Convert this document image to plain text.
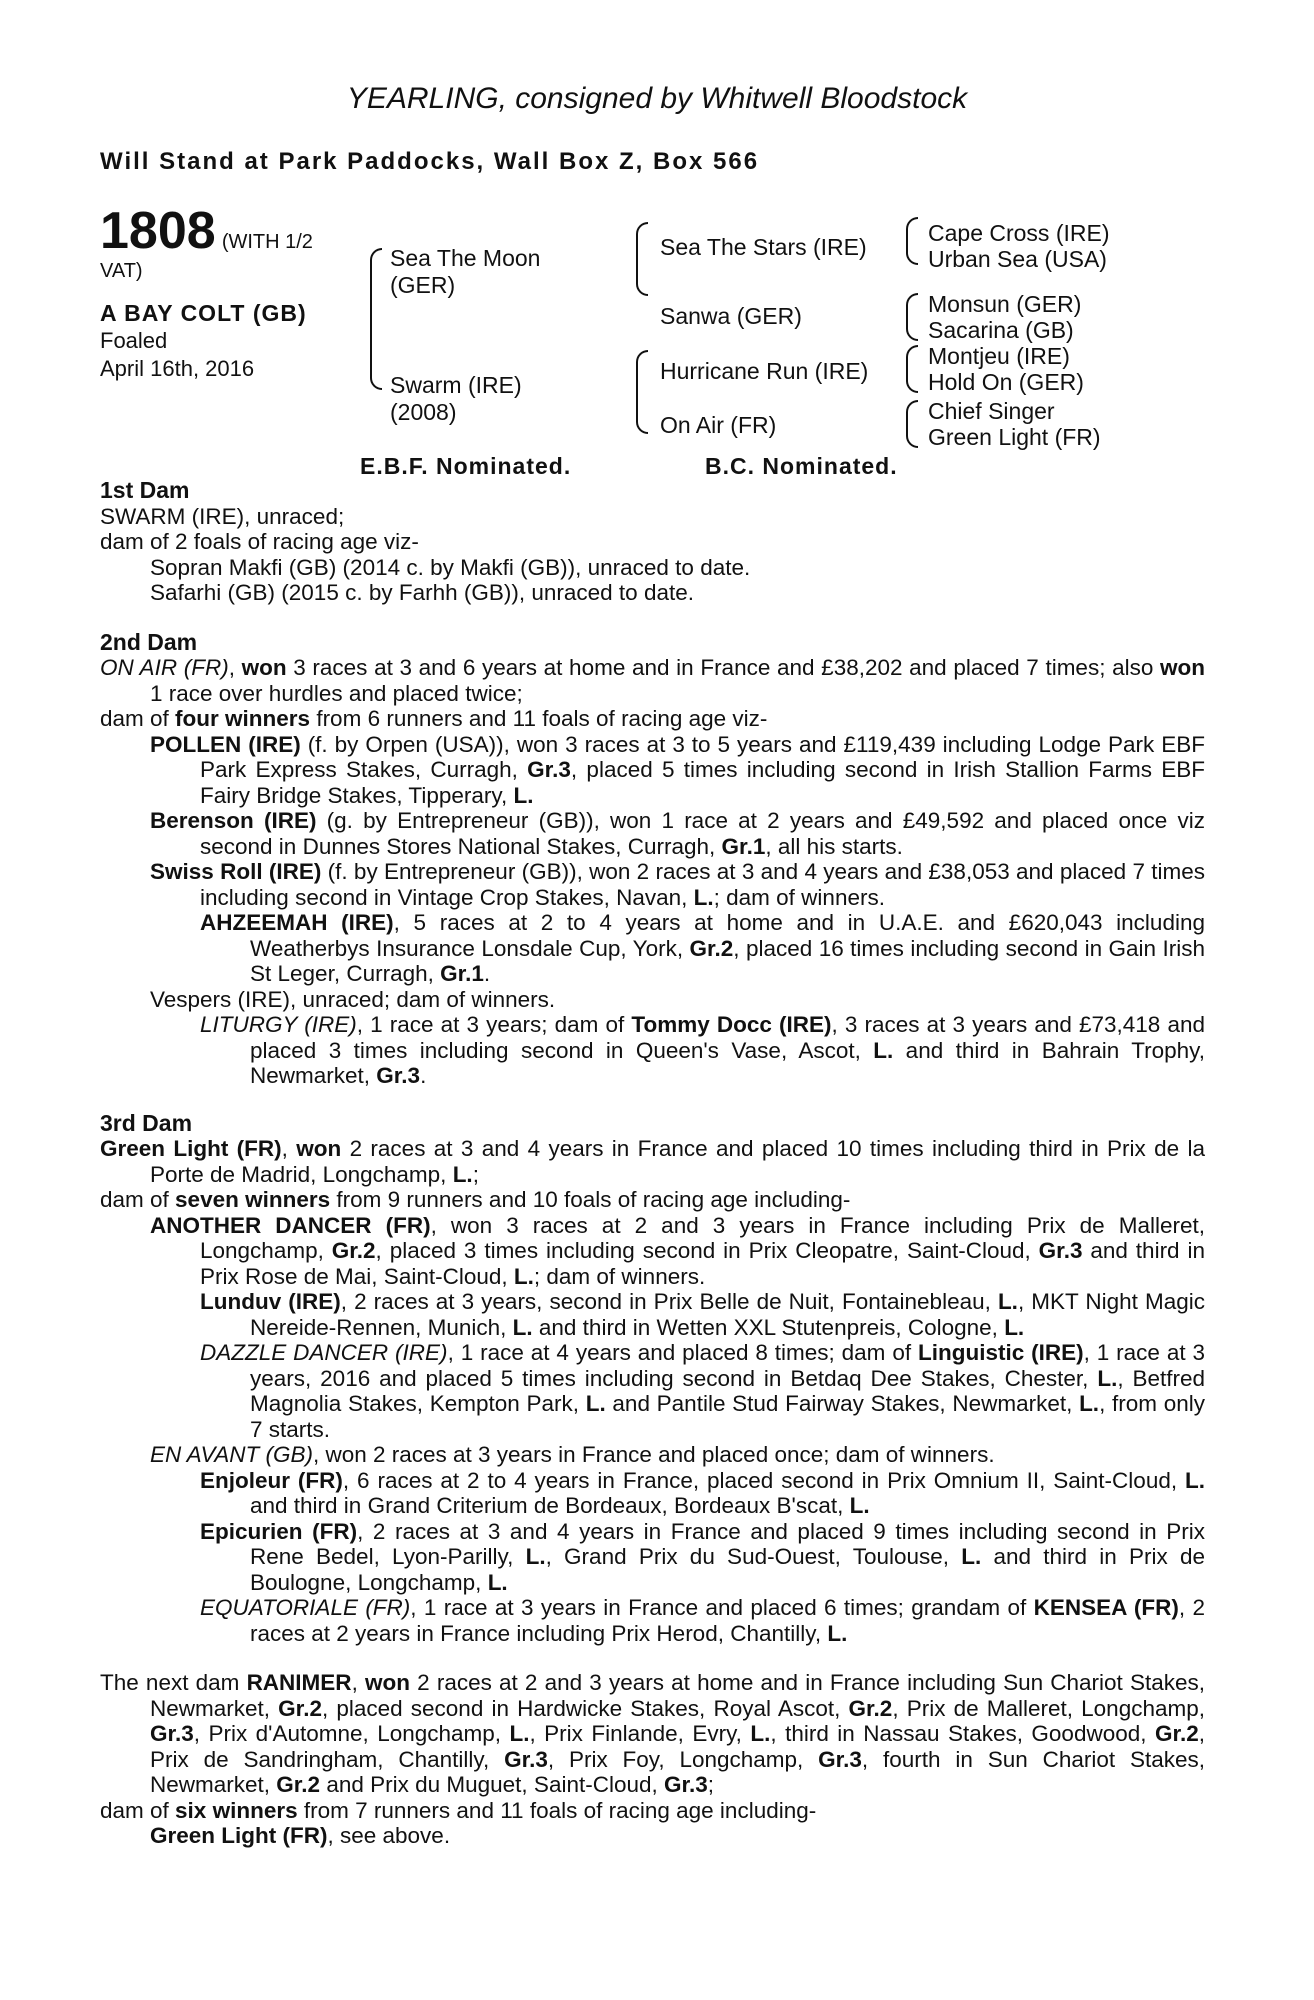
YEARLING, consigned by Whitwell Bloodstock
Will Stand at Park Paddocks, Wall Box Z, Box 566
1808 (WITH 1/2
VAT)
A BAY COLT (GB)
Foaled
April 16th, 2016
Sea The Moon
(GER)
Swarm (IRE)
(2008)
Sea The Stars (IRE)
Sanwa (GER)
Hurricane Run (IRE)
On Air (FR)
Cape Cross (IRE)
Urban Sea (USA)
Monsun (GER)
Sacarina (GB)
Montjeu (IRE)
Hold On (GER)
Chief Singer
Green Light (FR)
E.B.F. Nominated.	B.C. Nominated.
1st Dam
SWARM (IRE), unraced;
dam of 2 foals of racing age viz-
Sopran Makfi (GB) (2014 c. by Makfi (GB)), unraced to date.
Safarhi (GB) (2015 c. by Farhh (GB)), unraced to date.
2nd Dam
ON AIR (FR), won 3 races at 3 and 6 years at home and in France and £38,202 and placed 7 times; also won 1 race over hurdles and placed twice;
dam of four winners from 6 runners and 11 foals of racing age viz-
POLLEN (IRE) (f. by Orpen (USA)), won 3 races at 3 to 5 years and £119,439 including Lodge Park EBF Park Express Stakes, Curragh, Gr.3, placed 5 times including second in Irish Stallion Farms EBF Fairy Bridge Stakes, Tipperary, L.
Berenson (IRE) (g. by Entrepreneur (GB)), won 1 race at 2 years and £49,592 and placed once viz second in Dunnes Stores National Stakes, Curragh, Gr.1, all his starts.
Swiss Roll (IRE) (f. by Entrepreneur (GB)), won 2 races at 3 and 4 years and £38,053 and placed 7 times including second in Vintage Crop Stakes, Navan, L.; dam of winners.
AHZEEMAH (IRE), 5 races at 2 to 4 years at home and in U.A.E. and £620,043 including Weatherbys Insurance Lonsdale Cup, York, Gr.2, placed 16 times including second in Gain Irish St Leger, Curragh, Gr.1.
Vespers (IRE), unraced; dam of winners.
LITURGY (IRE), 1 race at 3 years; dam of Tommy Docc (IRE), 3 races at 3 years and £73,418 and placed 3 times including second in Queen's Vase, Ascot, L. and third in Bahrain Trophy, Newmarket, Gr.3.
3rd Dam
Green Light (FR), won 2 races at 3 and 4 years in France and placed 10 times including third in Prix de la Porte de Madrid, Longchamp, L.;
dam of seven winners from 9 runners and 10 foals of racing age including-
ANOTHER DANCER (FR), won 3 races at 2 and 3 years in France including Prix de Malleret, Longchamp, Gr.2, placed 3 times including second in Prix Cleopatre, Saint-Cloud, Gr.3 and third in Prix Rose de Mai, Saint-Cloud, L.; dam of winners.
Lunduv (IRE), 2 races at 3 years, second in Prix Belle de Nuit, Fontainebleau, L., MKT Night Magic Nereide-Rennen, Munich, L. and third in Wetten XXL Stutenpreis, Cologne, L.
DAZZLE DANCER (IRE), 1 race at 4 years and placed 8 times; dam of Linguistic (IRE), 1 race at 3 years, 2016 and placed 5 times including second in Betdaq Dee Stakes, Chester, L., Betfred Magnolia Stakes, Kempton Park, L. and Pantile Stud Fairway Stakes, Newmarket, L., from only 7 starts.
EN AVANT (GB), won 2 races at 3 years in France and placed once; dam of winners.
Enjoleur (FR), 6 races at 2 to 4 years in France, placed second in Prix Omnium II, Saint-Cloud, L. and third in Grand Criterium de Bordeaux, Bordeaux B'scat, L.
Epicurien (FR), 2 races at 3 and 4 years in France and placed 9 times including second in Prix Rene Bedel, Lyon-Parilly, L., Grand Prix du Sud-Ouest, Toulouse, L. and third in Prix de Boulogne, Longchamp, L.
EQUATORIALE (FR), 1 race at 3 years in France and placed 6 times; grandam of KENSEA (FR), 2 races at 2 years in France including Prix Herod, Chantilly, L.
The next dam RANIMER, won 2 races at 2 and 3 years at home and in France including Sun Chariot Stakes, Newmarket, Gr.2, placed second in Hardwicke Stakes, Royal Ascot, Gr.2, Prix de Malleret, Longchamp, Gr.3, Prix d'Automne, Longchamp, L., Prix Finlande, Evry, L., third in Nassau Stakes, Goodwood, Gr.2, Prix de Sandringham, Chantilly, Gr.3, Prix Foy, Longchamp, Gr.3, fourth in Sun Chariot Stakes, Newmarket, Gr.2 and Prix du Muguet, Saint-Cloud, Gr.3;
dam of six winners from 7 runners and 11 foals of racing age including-
Green Light (FR), see above.
